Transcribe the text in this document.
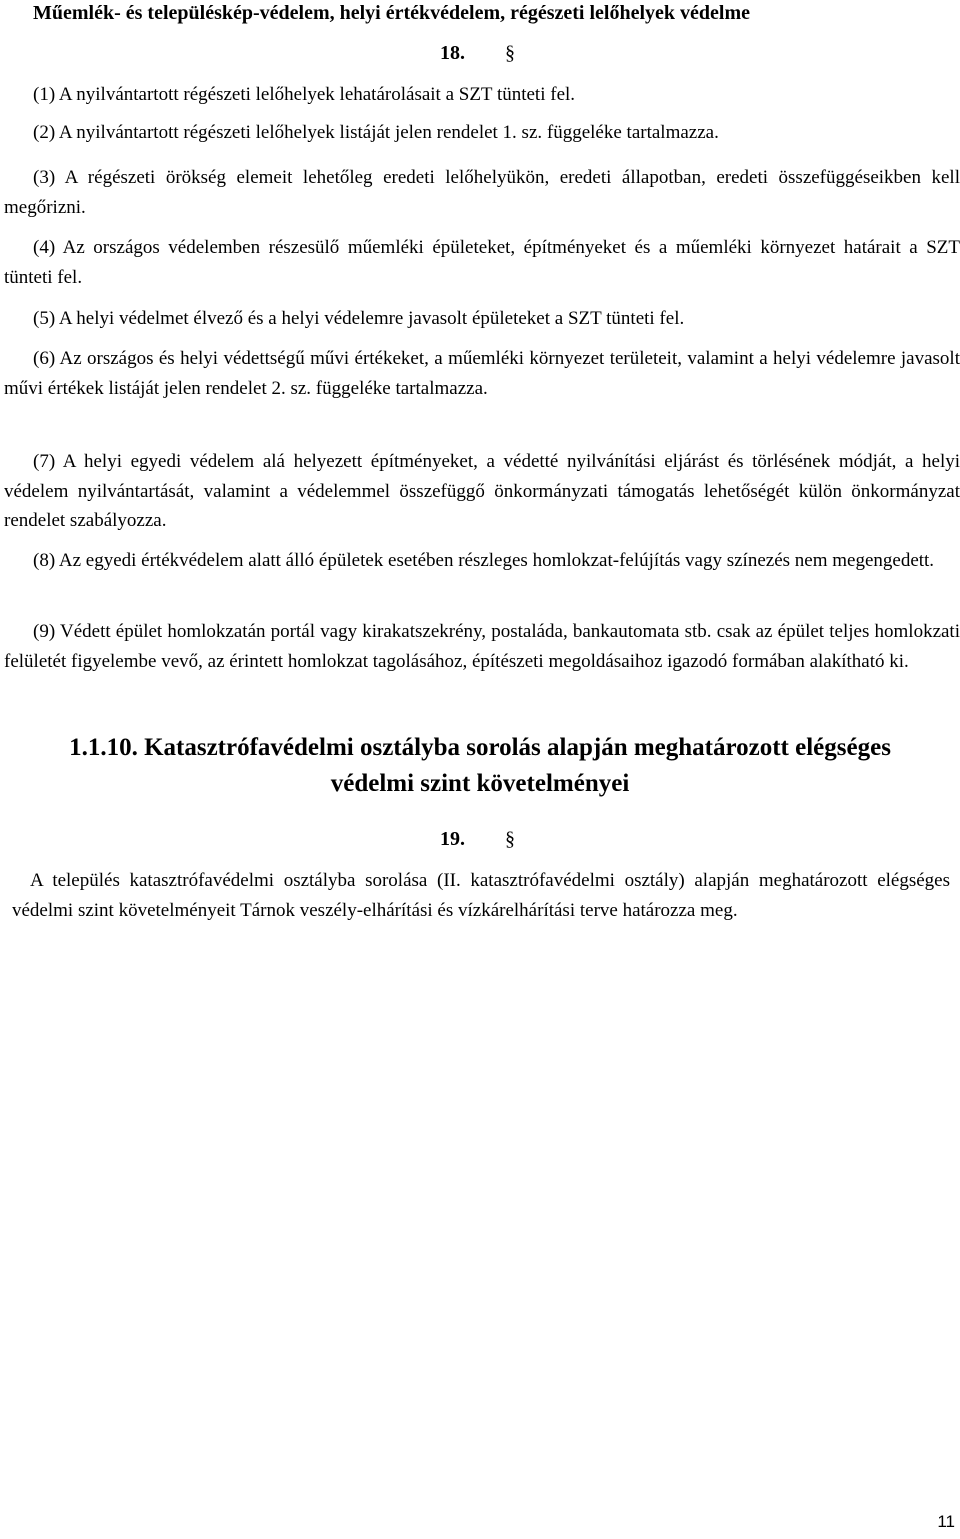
Műemlék- és településkép-védelem, helyi értékvédelem, régészeti lelőhelyek védelme
18. §

(1) A nyilvántartott régészeti lelőhelyek lehatárolásait a SZT tünteti fel.

(2) A nyilvántartott régészeti lelőhelyek listáját jelen rendelet 1. sz. függeléke tartalmazza.

(3) A régészeti örökség elemeit lehetőleg eredeti lelőhelyükön, eredeti állapotban, eredeti összefüggéseikben kell megőrizni.

(4) Az országos védelemben részesülő műemléki épületeket, építményeket és a műemléki környezet határait a SZT tünteti fel.

(5) A helyi védelmet élvező és a helyi védelemre javasolt épületeket a SZT tünteti fel.

(6) Az országos és helyi védettségű művi értékeket, a műemléki környezet területeit, valamint a helyi védelemre javasolt művi értékek listáját jelen rendelet 2. sz. függeléke tartalmazza.

(7) A helyi egyedi védelem alá helyezett építményeket, a védetté nyilvánítási eljárást és törlésének módját, a helyi védelem nyilvántartását, valamint a védelemmel összefüggő önkormányzati támogatás lehetőségét külön önkormányzat rendelet szabályozza.

(8) Az egyedi értékvédelem alatt álló épületek esetében részleges homlokzat-felújítás vagy színezés nem megengedett.

(9) Védett épület homlokzatán portál vagy kirakatszekrény, postaláda, bankautomata stb. csak az épület teljes homlokzati felületét figyelembe vevő, az érintett homlokzat tagolásához, építészeti megoldásaihoz igazodó formában alakítható ki.

1.1.10. Katasztrófavédelmi osztályba sorolás alapján meghatározott elégséges védelmi szint követelményei
19. §

A település katasztrófavédelmi osztályba sorolása (II. katasztrófavédelmi osztály) alapján meghatározott elégséges védelmi szint követelményeit Tárnok veszély-elhárítási és vízkárelhárítási terve határozza meg.

11
